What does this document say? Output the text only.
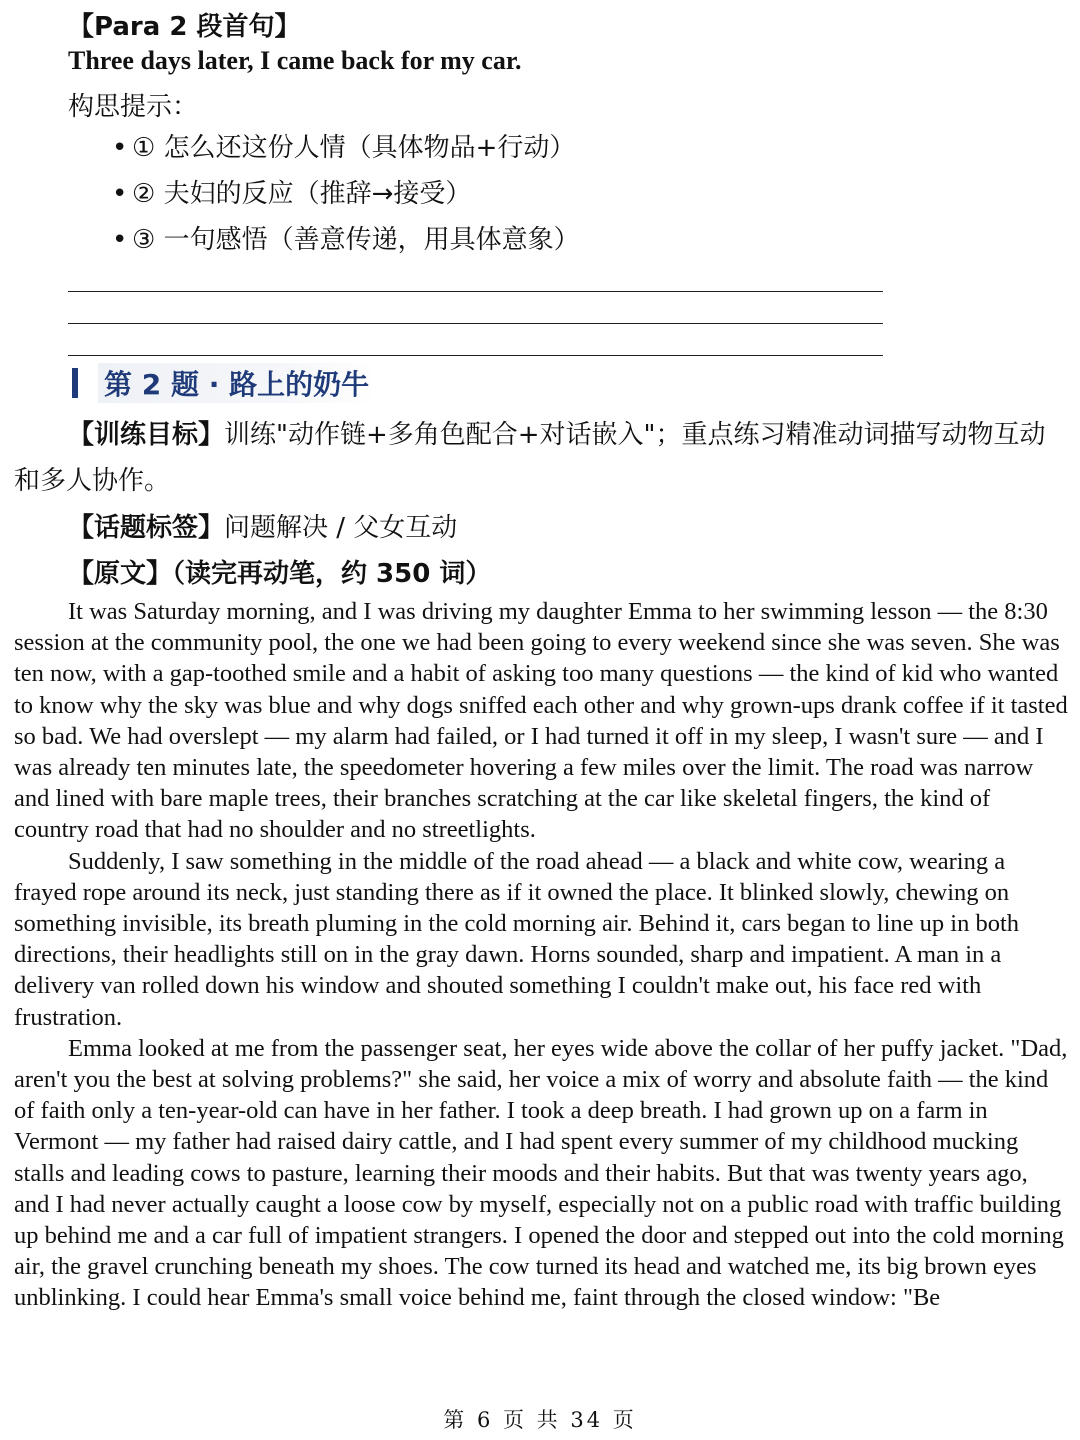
【Para 2 段首句】
Three days later, I came back for my car.
构思提示：
• ① 怎么还这份人情（具体物品+行动）
• ② 夫妇的反应（推辞→接受）
• ③ 一句感悟（善意传递，用具体意象）
第 2 题 · 路上的奶牛
【训练目标】训练"动作链+多角色配合+对话嵌入"；重点练习精准动词描写动物互动和多人协作。
【话题标签】问题解决 / 父女互动
【原文】（读完再动笔，约 350 词）

It was Saturday morning, and I was driving my daughter Emma to her swimming lesson — the 8:30 session at the community pool, the one we had been going to every weekend since she was seven. She was ten now, with a gap-toothed smile and a habit of asking too many questions — the kind of kid who wanted to know why the sky was blue and why dogs sniffed each other and why grown-ups drank coffee if it tasted so bad. We had overslept — my alarm had failed, or I had turned it off in my sleep, I wasn't sure — and I was already ten minutes late, the speedometer hovering a few miles over the limit. The road was narrow and lined with bare maple trees, their branches scratching at the car like skeletal fingers, the kind of country road that had no shoulder and no streetlights.

Suddenly, I saw something in the middle of the road ahead — a black and white cow, wearing a frayed rope around its neck, just standing there as if it owned the place. It blinked slowly, chewing on something invisible, its breath pluming in the cold morning air. Behind it, cars began to line up in both directions, their headlights still on in the gray dawn. Horns sounded, sharp and impatient. A man in a delivery van rolled down his window and shouted something I couldn't make out, his face red with frustration.

Emma looked at me from the passenger seat, her eyes wide above the collar of her puffy jacket. "Dad, aren't you the best at solving problems?" she said, her voice a mix of worry and absolute faith — the kind of faith only a ten-year-old can have in her father. I took a deep breath. I had grown up on a farm in Vermont — my father had raised dairy cattle, and I had spent every summer of my childhood mucking stalls and leading cows to pasture, learning their moods and their habits. But that was twenty years ago, and I had never actually caught a loose cow by myself, especially not on a public road with traffic building up behind me and a car full of impatient strangers. I opened the door and stepped out into the cold morning air, the gravel crunching beneath my shoes. The cow turned its head and watched me, its big brown eyes unblinking. I could hear Emma's small voice behind me, faint through the closed window: "Be

第 6 页 共 34 页
